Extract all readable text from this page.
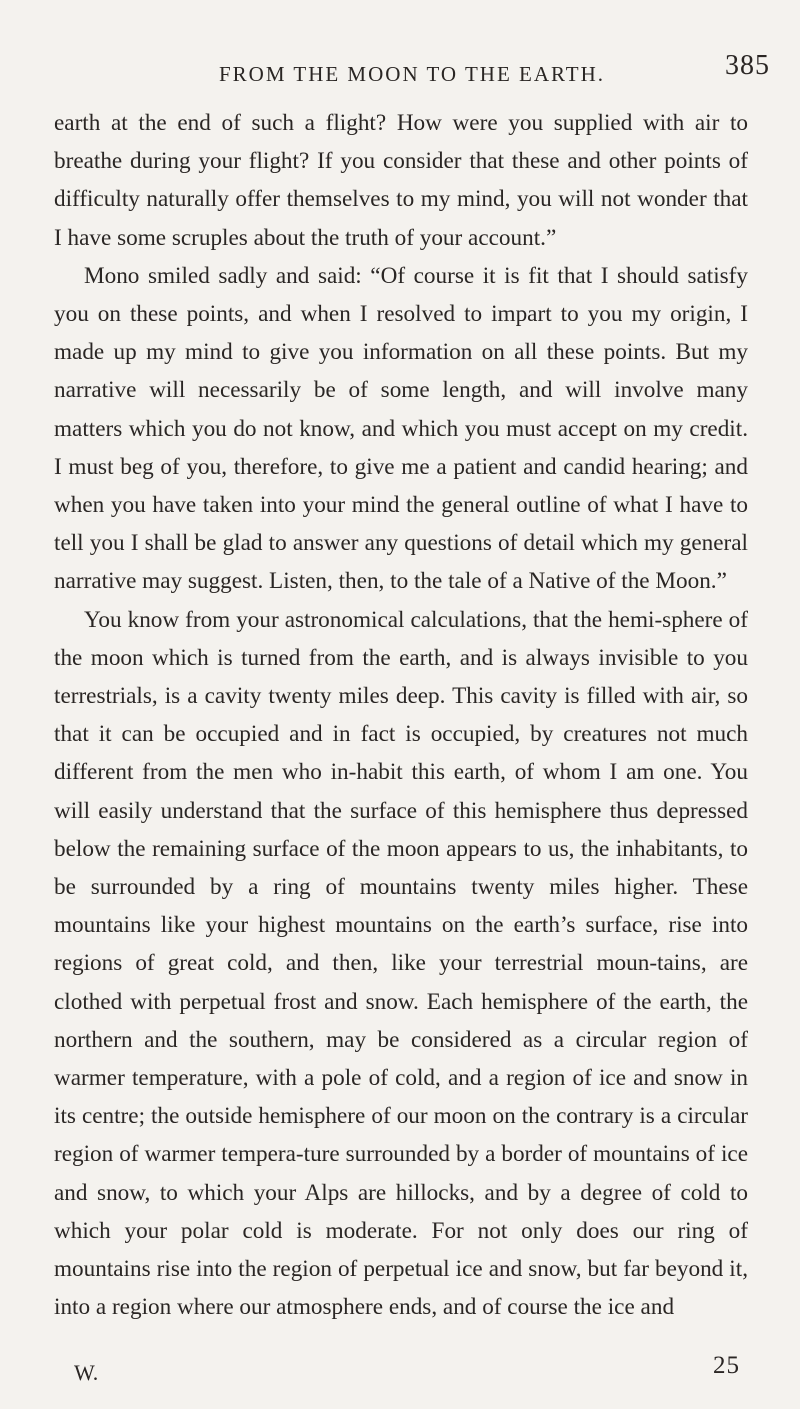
FROM THE MOON TO THE EARTH.	385

earth at the end of such a flight? How were you supplied with air to breathe during your flight? If you consider that these and other points of difficulty naturally offer themselves to my mind, you will not wonder that I have some scruples about the truth of your account.”

Mono smiled sadly and said: “Of course it is fit that I should satisfy you on these points, and when I resolved to impart to you my origin, I made up my mind to give you information on all these points. But my narrative will necessarily be of some length, and will involve many matters which you do not know, and which you must accept on my credit. I must beg of you, therefore, to give me a patient and candid hearing; and when you have taken into your mind the general outline of what I have to tell you I shall be glad to answer any questions of detail which my general narrative may suggest. Listen, then, to the tale of a Native of the Moon.”

You know from your astronomical calculations, that the hemi-sphere of the moon which is turned from the earth, and is always invisible to you terrestrials, is a cavity twenty miles deep. This cavity is filled with air, so that it can be occupied and in fact is occupied, by creatures not much different from the men who in-habit this earth, of whom I am one. You will easily understand that the surface of this hemisphere thus depressed below the remaining surface of the moon appears to us, the inhabitants, to be surrounded by a ring of mountains twenty miles higher. These mountains like your highest mountains on the earth’s surface, rise into regions of great cold, and then, like your terrestrial moun-tains, are clothed with perpetual frost and snow. Each hemisphere of the earth, the northern and the southern, may be considered as a circular region of warmer temperature, with a pole of cold, and a region of ice and snow in its centre; the outside hemisphere of our moon on the contrary is a circular region of warmer tempera-ture surrounded by a border of mountains of ice and snow, to which your Alps are hillocks, and by a degree of cold to which your polar cold is moderate. For not only does our ring of mountains rise into the region of perpetual ice and snow, but far beyond it, into a region where our atmosphere ends, and of course the ice and

W.	25
